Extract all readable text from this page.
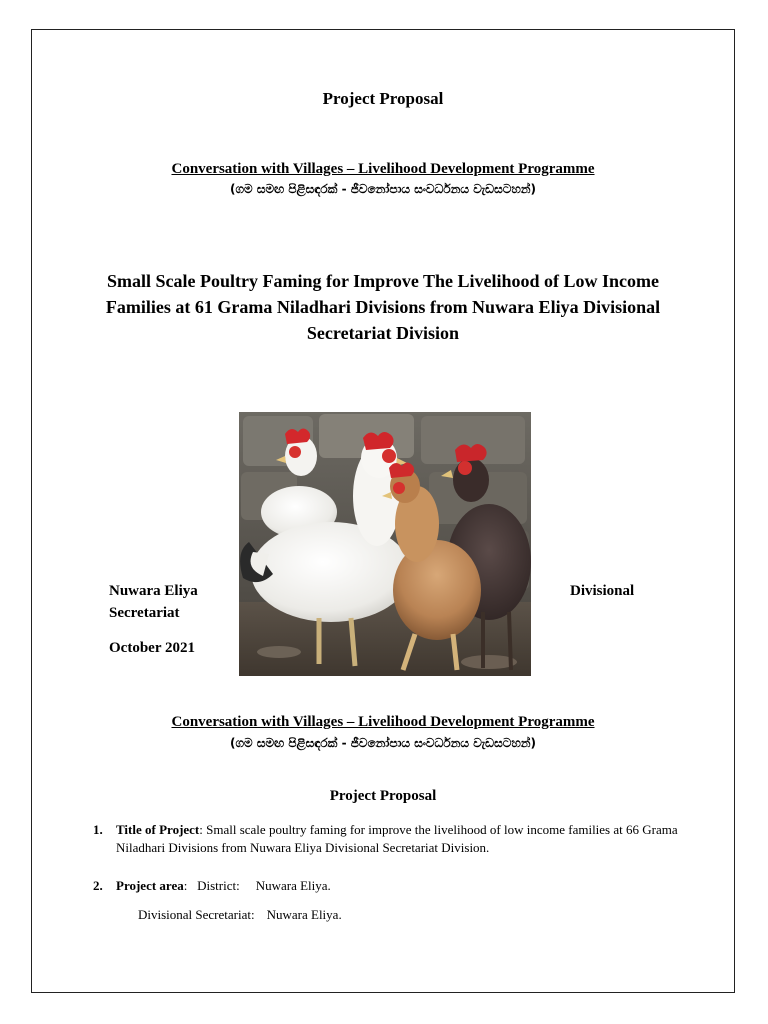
Project Proposal
Conversation with Villages – Livelihood Development Programme
(ගම සමඟ පිළිසඳරක් - ජීවනෝපාය සංවර්ධනය වැඩසටහන්)
Small Scale Poultry Faming for Improve The Livelihood of Low Income Families at 61 Grama Niladhari Divisions from Nuwara Eliya Divisional Secretariat Division
Nuwara Eliya	Divisional
Secretariat
October 2021
Conversation with Villages – Livelihood Development Programme
(ගම සමඟ පිළිසඳරක් - ජීවනෝපාය සංවර්ධනය වැඩසටහන්)
Project Proposal
1. Title of Project: Small scale poultry faming for improve the livelihood of low income families at 66 Grama Niladhari Divisions from Nuwara Eliya Divisional Secretariat Division.
2. Project area:   District: Nuwara Eliya.
Divisional Secretariat: Nuwara Eliya.
